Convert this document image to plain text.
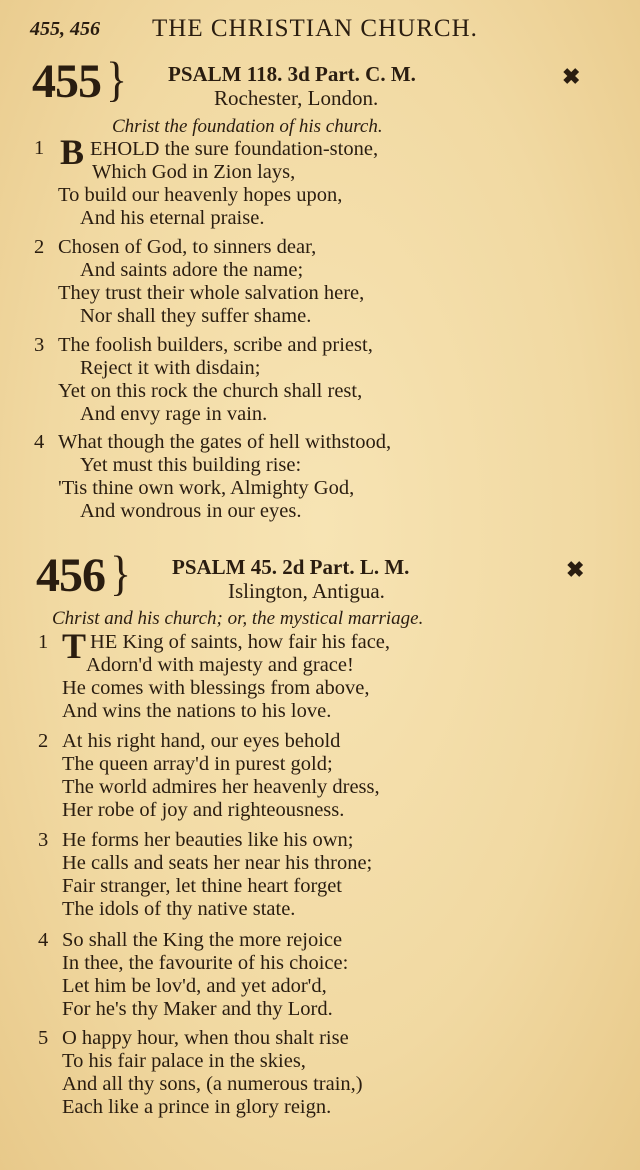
455, 456 THE CHRISTIAN CHURCH.
455 } PSALM 118. 3d Part. C. M.
Rochester, London.
✖
Christ the foundation of his church.
1 B EHOLD the sure foundation-stone,
Which God in Zion lays,
To build our heavenly hopes upon,
And his eternal praise.
2 Chosen of God, to sinners dear,
And saints adore the name;
They trust their whole salvation here,
Nor shall they suffer shame.
3 The foolish builders, scribe and priest,
Reject it with disdain;
Yet on this rock the church shall rest,
And envy rage in vain.
4 What though the gates of hell withstood,
Yet must this building rise:
'Tis thine own work, Almighty God,
And wondrous in our eyes.
456 } PSALM 45. 2d Part. L. M.
Islington, Antigua.
✖
Christ and his church; or, the mystical marriage.
1 T HE King of saints, how fair his face,
Adorn'd with majesty and grace!
He comes with blessings from above,
And wins the nations to his love.
2 At his right hand, our eyes behold
The queen array'd in purest gold;
The world admires her heavenly dress,
Her robe of joy and righteousness.
3 He forms her beauties like his own;
He calls and seats her near his throne;
Fair stranger, let thine heart forget
The idols of thy native state.
4 So shall the King the more rejoice
In thee, the favourite of his choice:
Let him be lov'd, and yet ador'd,
For he's thy Maker and thy Lord.
5 O happy hour, when thou shalt rise
To his fair palace in the skies,
And all thy sons, (a numerous train,)
Each like a prince in glory reign.
